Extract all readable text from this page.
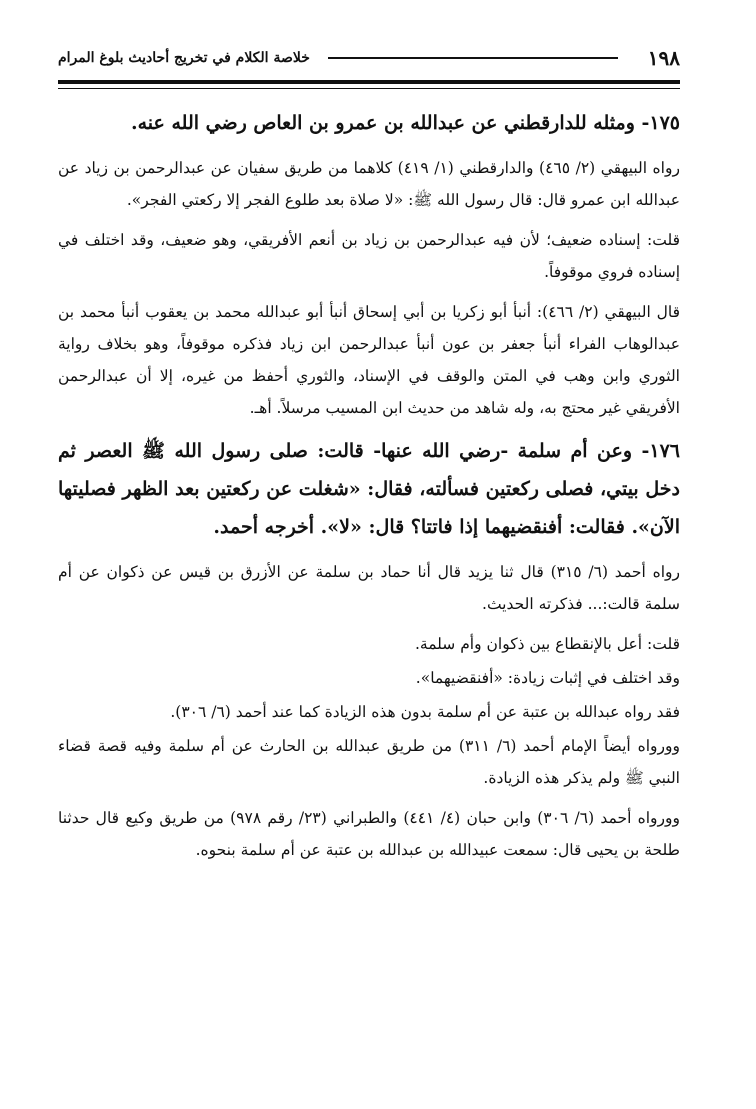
١٩٨
خلاصة الكلام في تخريج أحاديث بلوغ المرام
١٧٥- ومثله للدارقطني عن عبدالله بن عمرو بن العاص رضي الله عنه.

رواه البيهقي (٢/ ٤٦٥) والدارقطني (١/ ٤١٩) كلاهما من طريق سفيان عن عبدالرحمن بن زياد عن عبدالله ابن عمرو قال: قال رسول الله ﷺ: «لا صلاة بعد طلوع الفجر إلا ركعتي الفجر».

قلت: إسناده ضعيف؛ لأن فيه عبدالرحمن بن زياد بن أنعم الأفريقي، وهو ضعيف، وقد اختلف في إسناده فروي موقوفاً.

قال البيهقي (٢/ ٤٦٦): أنبأ أبو زكريا بن أبي إسحاق أنبأ أبو عبدالله محمد بن يعقوب أنبأ محمد بن عبدالوهاب الفراء أنبأ جعفر بن عون أنبأ عبدالرحمن ابن زياد فذكره موقوفاً، وهو بخلاف رواية الثوري وابن وهب في المتن والوقف في الإسناد، والثوري أحفظ من غيره، إلا أن عبدالرحمن الأفريقي غير محتج به، وله شاهد من حديث ابن المسيب مرسلاً. أهـ.

١٧٦- وعن أم سلمة -رضي الله عنها- قالت: صلى رسول الله ﷺ العصر ثم دخل بيتي، فصلى ركعتين فسألته، فقال: «شغلت عن ركعتين بعد الظهر فصليتها الآن». فقالت: أفنقضيهما إذا فاتتا؟ قال: «لا». أخرجه أحمد.

رواه أحمد (٦/ ٣١٥) قال ثنا يزيد قال أنا حماد بن سلمة عن الأزرق بن قيس عن ذكوان عن أم سلمة قالت:... فذكرته الحديث.

قلت: أعل بالإنقطاع بين ذكوان وأم سلمة.

وقد اختلف في إثبات زيادة: «أفنقضيهما».

فقد رواه عبدالله بن عتبة عن أم سلمة بدون هذه الزيادة كما عند أحمد (٦/ ٣٠٦).

وورواه أيضاً الإمام أحمد (٦/ ٣١١) من طريق عبدالله بن الحارث عن أم سلمة وفيه قصة قضاء النبي ﷺ ولم يذكر هذه الزيادة.

وورواه أحمد (٦/ ٣٠٦) وابن حبان (٤/ ٤٤١) والطبراني (٢٣/ رقم ٩٧٨) من طريق وكيع قال حدثنا طلحة بن يحيى قال: سمعت عبيدالله بن عبدالله بن عتبة عن أم سلمة بنحوه.
